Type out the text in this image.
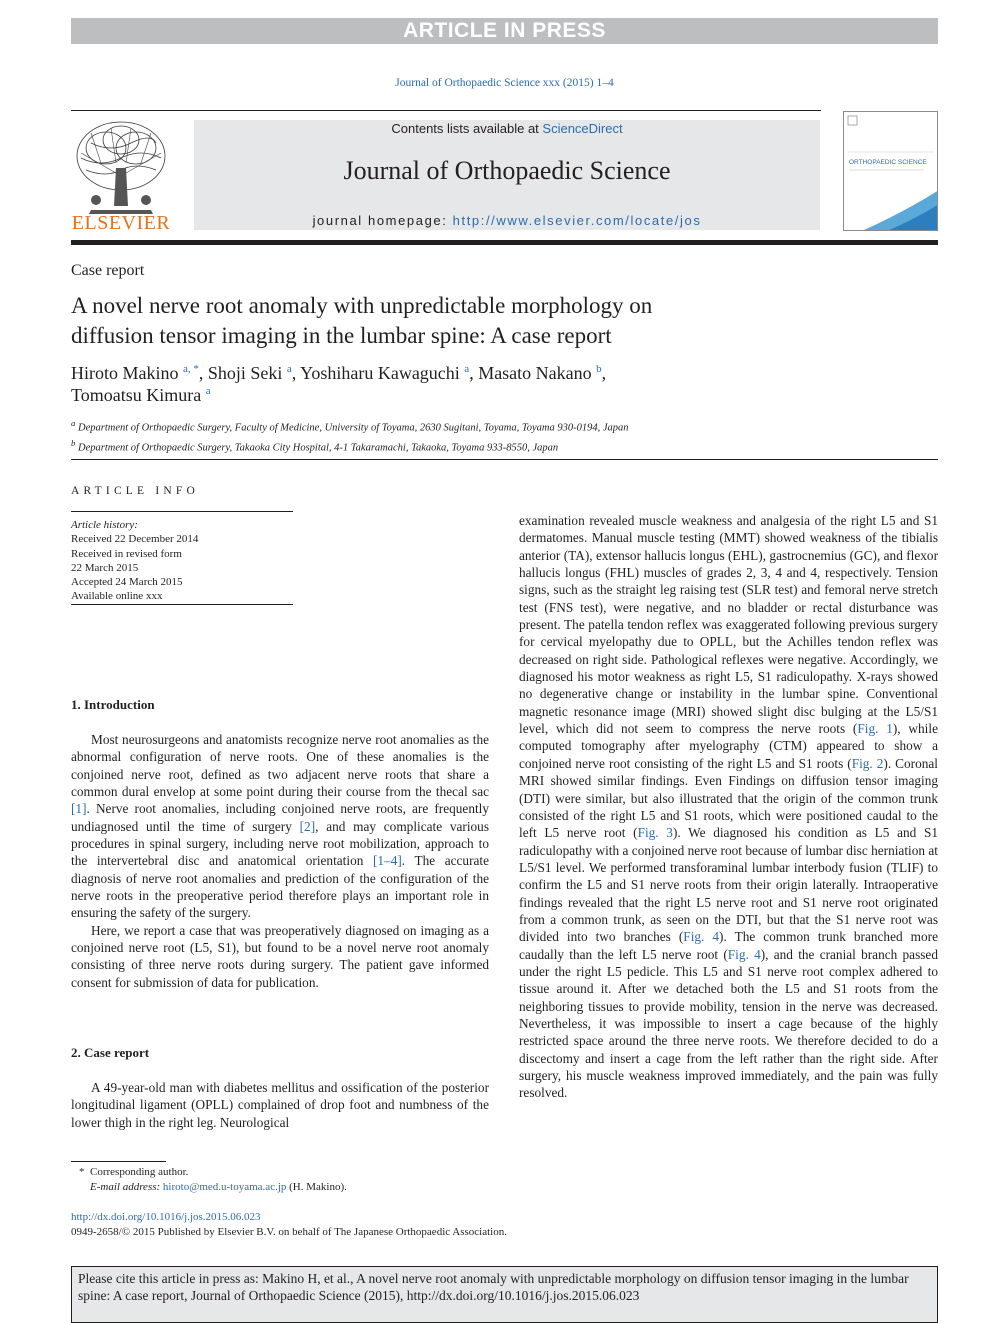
ARTICLE IN PRESS
Journal of Orthopaedic Science xxx (2015) 1–4
ELSEVIER
Contents lists available at ScienceDirect
Journal of Orthopaedic Science
journal homepage: http://www.elsevier.com/locate/jos
ORTHOPAEDIC SCIENCE
Case report
A novel nerve root anomaly with unpredictable morphology on
diffusion tensor imaging in the lumbar spine: A case report
Hiroto Makino $^{a, *}$, Shoji Seki $^a$, Yoshiharu Kawaguchi $^a$, Masato Nakano $^b$,
Tomoatsu Kimura $^a$
$^a$ Department of Orthopaedic Surgery, Faculty of Medicine, University of Toyama, 2630 Sugitani, Toyama, Toyama 930-0194, Japan
$^b$ Department of Orthopaedic Surgery, Takaoka City Hospital, 4-1 Takaramachi, Takaoka, Toyama 933-8550, Japan
ARTICLE INFO
Article history:
Received 22 December 2014
Received in revised form
22 March 2015
Accepted 24 March 2015
Available online xxx
1. Introduction

Most neurosurgeons and anatomists recognize nerve root anomalies as the abnormal configuration of nerve roots. One of these anomalies is the conjoined nerve root, defined as two adjacent nerve roots that share a common dural envelop at some point during their course from the thecal sac [1]. Nerve root anomalies, including conjoined nerve roots, are frequently undiagnosed until the time of surgery [2], and may complicate various procedures in spinal surgery, including nerve root mobilization, approach to the intervertebral disc and anatomical orientation [1–4]. The accurate diagnosis of nerve root anomalies and prediction of the configuration of the nerve roots in the preoperative period therefore plays an important role in ensuring the safety of the surgery.

Here, we report a case that was preoperatively diagnosed on imaging as a conjoined nerve root (L5, S1), but found to be a novel nerve root anomaly consisting of three nerve roots during surgery. The patient gave informed consent for submission of data for publication.

2. Case report

A 49-year-old man with diabetes mellitus and ossification of the posterior longitudinal ligament (OPLL) complained of drop foot and numbness of the lower thigh in the right leg. Neurological

examination revealed muscle weakness and analgesia of the right L5 and S1 dermatomes. Manual muscle testing (MMT) showed weakness of the tibialis anterior (TA), extensor hallucis longus (EHL), gastrocnemius (GC), and flexor hallucis longus (FHL) muscles of grades 2, 3, 4 and 4, respectively. Tension signs, such as the straight leg raising test (SLR test) and femoral nerve stretch test (FNS test), were negative, and no bladder or rectal disturbance was present. The patella tendon reflex was exaggerated following previous surgery for cervical myelopathy due to OPLL, but the Achilles tendon reflex was decreased on right side. Pathological reflexes were negative. Accordingly, we diagnosed his motor weakness as right L5, S1 radiculopathy. X-rays showed no degenerative change or instability in the lumbar spine. Conventional magnetic resonance image (MRI) showed slight disc bulging at the L5/S1 level, which did not seem to compress the nerve roots (Fig. 1), while computed tomography after myelography (CTM) appeared to show a conjoined nerve root consisting of the right L5 and S1 roots (Fig. 2). Coronal MRI showed similar findings. Even Findings on diffusion tensor imaging (DTI) were similar, but also illustrated that the origin of the common trunk consisted of the right L5 and S1 roots, which were positioned caudal to the left L5 nerve root (Fig. 3). We diagnosed his condition as L5 and S1 radiculopathy with a conjoined nerve root because of lumbar disc herniation at L5/S1 level. We performed transforaminal lumbar interbody fusion (TLIF) to confirm the L5 and S1 nerve roots from their origin laterally. Intraoperative findings revealed that the right L5 nerve root and S1 nerve root originated from a common trunk, as seen on the DTI, but that the S1 nerve root was divided into two branches (Fig. 4). The common trunk branched more caudally than the left L5 nerve root (Fig. 4), and the cranial branch passed under the right L5 pedicle. This L5 and S1 nerve root complex adhered to tissue around it. After we detached both the L5 and S1 roots from the neighboring tissues to provide mobility, tension in the nerve was decreased. Nevertheless, it was impossible to insert a cage because of the highly restricted space around the three nerve roots. We therefore decided to do a discectomy and insert a cage from the left rather than the right side. After surgery, his muscle weakness improved immediately, and the pain was fully resolved.

* Corresponding author.
E-mail address: hiroto@med.u-toyama.ac.jp (H. Makino).
http://dx.doi.org/10.1016/j.jos.2015.06.023
0949-2658/© 2015 Published by Elsevier B.V. on behalf of The Japanese Orthopaedic Association.
Please cite this article in press as: Makino H, et al., A novel nerve root anomaly with unpredictable morphology on diffusion tensor imaging in the lumbar spine: A case report, Journal of Orthopaedic Science (2015), http://dx.doi.org/10.1016/j.jos.2015.06.023
